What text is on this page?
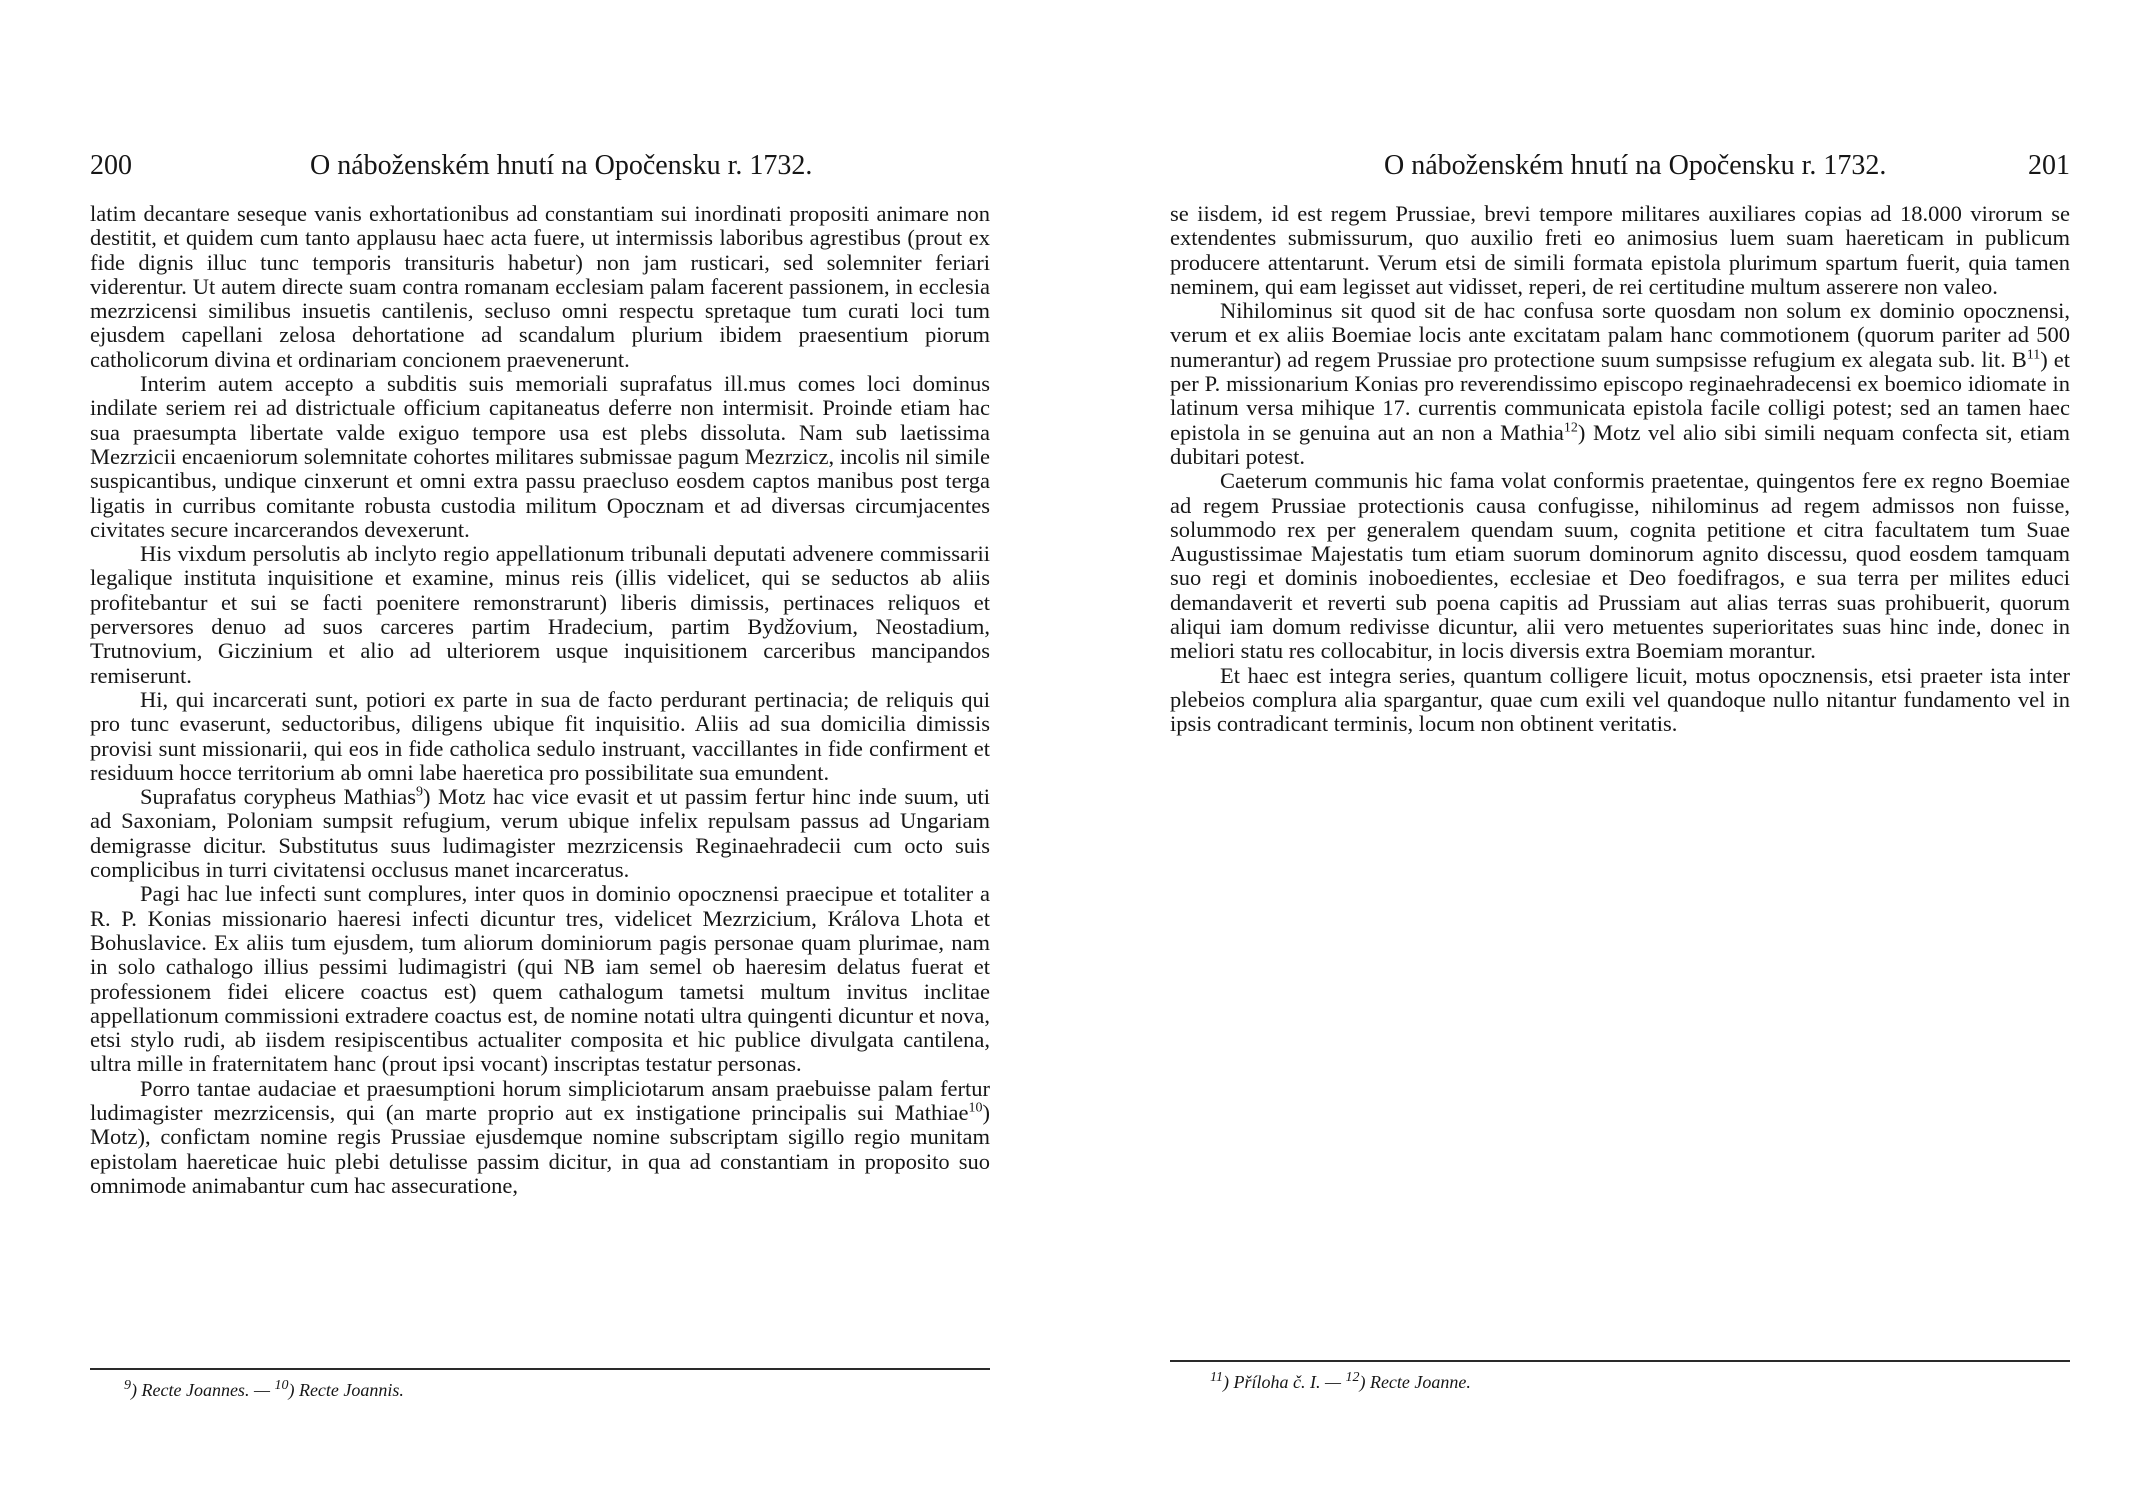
200	O náboženském hnutí na Opočensku r. 1732.

latim decantare seseque vanis exhortationibus ad constantiam sui inordinati propositi animare non destitit, et quidem cum tanto applausu haec acta fuere, ut intermissis laboribus agrestibus (prout ex fide dignis illuc tunc temporis transituris habetur) non jam rusticari, sed solemniter feriari viderentur. Ut autem directe suam contra romanam ecclesiam palam facerent passionem, in ecclesia mezrzicensi similibus insuetis cantilenis, secluso omni respectu spretaque tum curati loci tum ejusdem capellani zelosa dehortatione ad scandalum plurium ibidem praesentium piorum catholicorum divina et ordinariam concionem praevenerunt.

Interim autem accepto a subditis suis memoriali suprafatus ill.mus comes loci dominus indilate seriem rei ad districtuale officium capitaneatus deferre non intermisit. Proinde etiam hac sua praesumpta libertate valde exiguo tempore usa est plebs dissoluta. Nam sub laetissima Mezrzicii encaeniorum solemnitate cohortes militares submissae pagum Mezrzicz, incolis nil simile suspicantibus, undique cinxerunt et omni extra passu praecluso eosdem captos manibus post terga ligatis in curribus comitante robusta custodia militum Opocznam et ad diversas circumjacentes civitates secure incarcerandos devexerunt.

His vixdum persolutis ab inclyto regio appellationum tribunali deputati advenere commissarii legalique instituta inquisitione et examine, minus reis (illis videlicet, qui se seductos ab aliis profitebantur et sui se facti poenitere remonstrarunt) liberis dimissis, pertinaces reliquos et perversores denuo ad suos carceres partim Hradecium, partim Bydžovium, Neostadium, Trutnovium, Giczinium et alio ad ulteriorem usque inquisitionem carceribus mancipandos remiserunt.

Hi, qui incarcerati sunt, potiori ex parte in sua de facto perdurant pertinacia; de reliquis qui pro tunc evaserunt, seductoribus, diligens ubique fit inquisitio. Aliis ad sua domicilia dimissis provisi sunt missionarii, qui eos in fide catholica sedulo instruant, vaccillantes in fide confirment et residuum hocce territorium ab omni labe haeretica pro possibilitate sua emundent.

Suprafatus corypheus Mathias$^9$) Motz hac vice evasit et ut passim fertur hinc inde suum, uti ad Saxoniam, Poloniam sumpsit refugium, verum ubique infelix repulsam passus ad Ungariam demigrasse dicitur. Substitutus suus ludimagister mezrzicensis Reginaehradecii cum octo suis complicibus in turri civitatensi occlusus manet incarceratus.

Pagi hac lue infecti sunt complures, inter quos in dominio opocznensi praecipue et totaliter a R. P. Konias missionario haeresi infecti dicuntur tres, videlicet Mezrzicium, Králova Lhota et Bohuslavice. Ex aliis tum ejusdem, tum aliorum dominiorum pagis personae quam plurimae, nam in solo cathalogo illius pessimi ludimagistri (qui NB iam semel ob haeresim delatus fuerat et professionem fidei elicere coactus est) quem cathalogum tametsi multum invitus inclitae appellationum commissioni extradere coactus est, de nomine notati ultra quingenti dicuntur et nova, etsi stylo rudi, ab iisdem resipiscentibus actualiter composita et hic publice divulgata cantilena, ultra mille in fraternitatem hanc (prout ipsi vocant) inscriptas testatur personas.

Porro tantae audaciae et praesumptioni horum simpliciotarum ansam praebuisse palam fertur ludimagister mezrzicensis, qui (an marte proprio aut ex instigatione principalis sui Mathiae$^{10}$) Motz), confictam nomine regis Prussiae ejusdemque nomine subscriptam sigillo regio munitam epistolam haereticae huic plebi detulisse passim dicitur, in qua ad constantiam in proposito suo omnimode animabantur cum hac assecuratione,

$^9$) Recte Joannes. — $^{10}$) Recte Joannis.
O náboženském hnutí na Opočensku r. 1732.	201

se iisdem, id est regem Prussiae, brevi tempore militares auxiliares copias ad 18.000 virorum se extendentes submissurum, quo auxilio freti eo animosius luem suam haereticam in publicum producere attentarunt. Verum etsi de simili formata epistola plurimum spartum fuerit, quia tamen neminem, qui eam legisset aut vidisset, reperi, de rei certitudine multum asserere non valeo.

Nihilominus sit quod sit de hac confusa sorte quosdam non solum ex dominio opocznensi, verum et ex aliis Boemiae locis ante excitatam palam hanc commotionem (quorum pariter ad 500 numerantur) ad regem Prussiae pro protectione suum sumpsisse refugium ex alegata sub. lit. $B^{11}$) et per P. missionarium Konias pro reverendissimo episcopo reginaehradecensi ex boemico idiomate in latinum versa mihique 17. currentis communicata epistola facile colligi potest; sed an tamen haec epistola in se genuina aut an non a Mathia$^{12}$) Motz vel alio sibi simili nequam confecta sit, etiam dubitari potest.

Caeterum communis hic fama volat conformis praetentae, quingentos fere ex regno Boemiae ad regem Prussiae protectionis causa confugisse, nihilominus ad regem admissos non fuisse, solummodo rex per generalem quendam suum, cognita petitione et citra facultatem tum Suae Augustissimae Majestatis tum etiam suorum dominorum agnito discessu, quod eosdem tamquam suo regi et dominis inoboedientes, ecclesiae et Deo foedifragos, e sua terra per milites educi demandaverit et reverti sub poena capitis ad Prussiam aut alias terras suas prohibuerit, quorum aliqui iam domum redivisse dicuntur, alii vero metuentes superioritates suas hinc inde, donec in meliori statu res collocabitur, in locis diversis extra Boemiam morantur.

Et haec est integra series, quantum colligere licuit, motus opocznensis, etsi praeter ista inter plebeios complura alia spargantur, quae cum exili vel quandoque nullo nitantur fundamento vel in ipsis contradicant terminis, locum non obtinent veritatis.

$^{11}$) Příloha č. I. — $^{12}$) Recte Joanne.
